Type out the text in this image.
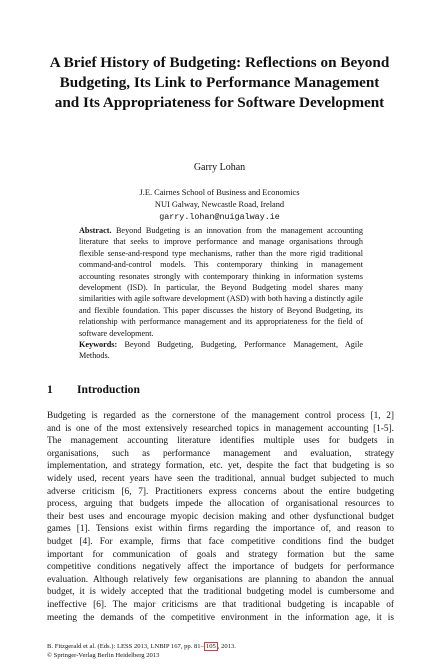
A Brief History of Budgeting: Reflections on Beyond
Budgeting, Its Link to Performance Management
and Its Appropriateness for Software Development
Garry Lohan
J.E. Cairnes School of Business and Economics
NUI Galway, Newcastle Road, Ireland
garry.lohan@nuigalway.ie
Abstract. Beyond Budgeting is an innovation from the management accounting literature that seeks to improve performance and manage organisations through flexible sense-and-respond type mechanisms, rather than the more rigid traditional command-and-control models. This contemporary thinking in management accounting resonates strongly with contemporary thinking in information systems development (ISD). In particular, the Beyond Budgeting model shares many similarities with agile software development (ASD) with both having a distinctly agile and flexible foundation. This paper discusses the history of Beyond Budgeting, its relationship with performance management and its appropriateness for the field of software development.
Keywords: Beyond Budgeting, Budgeting, Performance Management, Agile Methods.
1 Introduction
Budgeting is regarded as the cornerstone of the management control process [1, 2]
and is one of the most extensively researched topics in management accounting [1-5].
The management accounting literature identifies multiple uses for budgets in
organisations, such as performance management and evaluation, strategy
implementation, and strategy formation, etc. yet, despite the fact that budgeting is so
widely used, recent years have seen the traditional, annual budget subjected to much
adverse criticism [6, 7]. Practitioners express concerns about the entire budgeting
process, arguing that budgets impede the allocation of organisational resources to
their best uses and encourage myopic decision making and other dysfunctional budget
games [1]. Tensions exist within firms regarding the importance of, and reason to
budget [4]. For example, firms that face competitive conditions find the budget
important for communication of goals and strategy formation but the same
competitive conditions negatively affect the importance of budgets for performance
evaluation. Although relatively few organisations are planning to abandon the annual
budget, it is widely accepted that the traditional budgeting model is cumbersome and
ineffective [6]. The major criticisms are that traditional budgeting is incapable of
meeting the demands of the competitive environment in the information age, it is
B. Fitzgerald et al. (Eds.): LESS 2013, LNBIP 167, pp. 81– 105 , 2013.
© Springer-Verlag Berlin Heidelberg 2013
